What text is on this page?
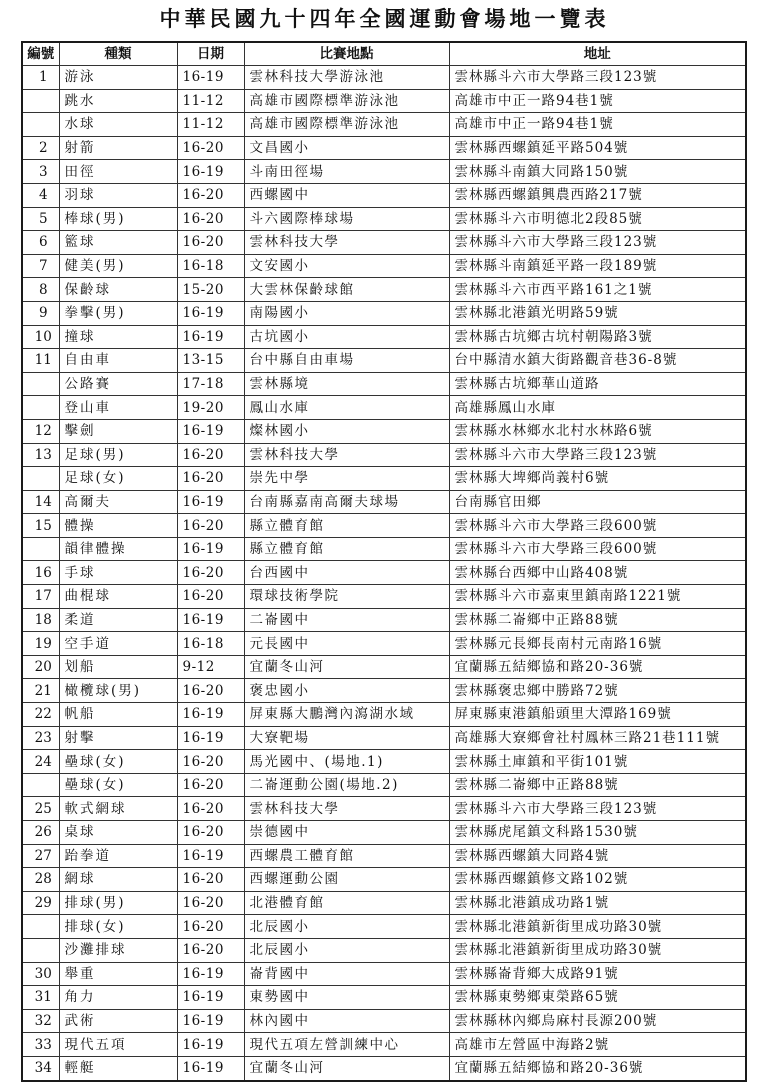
中華民國九十四年全國運動會場地一覽表
編號	種類	日期	比賽地點	地址
1	游泳	16-19	雲林科技大學游泳池	雲林縣斗六市大學路三段123號
	跳水	11-12	高雄市國際標準游泳池	高雄市中正一路94巷1號
	水球	11-12	高雄市國際標準游泳池	高雄市中正一路94巷1號
2	射箭	16-20	文昌國小	雲林縣西螺鎮延平路504號
3	田徑	16-19	斗南田徑場	雲林縣斗南鎮大同路150號
4	羽球	16-20	西螺國中	雲林縣西螺鎮興農西路217號
5	棒球(男)	16-20	斗六國際棒球場	雲林縣斗六市明德北2段85號
6	籃球	16-20	雲林科技大學	雲林縣斗六市大學路三段123號
7	健美(男)	16-18	文安國小	雲林縣斗南鎮延平路一段189號
8	保齡球	15-20	大雲林保齡球館	雲林縣斗六市西平路161之1號
9	拳擊(男)	16-19	南陽國小	雲林縣北港鎮光明路59號
10	撞球	16-19	古坑國小	雲林縣古坑鄉古坑村朝陽路3號
11	自由車	13-15	台中縣自由車場	台中縣清水鎮大街路觀音巷36-8號
	公路賽	17-18	雲林縣境	雲林縣古坑鄉華山道路
	登山車	19-20	鳳山水庫	高雄縣鳳山水庫
12	擊劍	16-19	燦林國小	雲林縣水林鄉水北村水林路6號
13	足球(男)	16-20	雲林科技大學	雲林縣斗六市大學路三段123號
	足球(女)	16-20	崇先中學	雲林縣大埤鄉尚義村6號
14	高爾夫	16-19	台南縣嘉南高爾夫球場	台南縣官田鄉
15	體操	16-20	縣立體育館	雲林縣斗六市大學路三段600號
	韻律體操	16-19	縣立體育館	雲林縣斗六市大學路三段600號
16	手球	16-20	台西國中	雲林縣台西鄉中山路408號
17	曲棍球	16-20	環球技術學院	雲林縣斗六市嘉東里鎮南路1221號
18	柔道	16-19	二崙國中	雲林縣二崙鄉中正路88號
19	空手道	16-18	元長國中	雲林縣元長鄉長南村元南路16號
20	划船	9-12	宜蘭冬山河	宜蘭縣五結鄉協和路20-36號
21	橄欖球(男)	16-20	褒忠國小	雲林縣褒忠鄉中勝路72號
22	帆船	16-19	屏東縣大鵬灣內瀉湖水域	屏東縣東港鎮船頭里大潭路169號
23	射擊	16-19	大寮靶場	高雄縣大寮鄉會社村鳳林三路21巷111號
24	壘球(女)	16-20	馬光國中、(場地.1)	雲林縣土庫鎮和平街101號
	壘球(女)	16-20	二崙運動公園(場地.2)	雲林縣二崙鄉中正路88號
25	軟式網球	16-20	雲林科技大學	雲林縣斗六市大學路三段123號
26	桌球	16-20	崇德國中	雲林縣虎尾鎮文科路1530號
27	跆拳道	16-19	西螺農工體育館	雲林縣西螺鎮大同路4號
28	網球	16-20	西螺運動公園	雲林縣西螺鎮修文路102號
29	排球(男)	16-20	北港體育館	雲林縣北港鎮成功路1號
	排球(女)	16-20	北辰國小	雲林縣北港鎮新街里成功路30號
	沙灘排球	16-20	北辰國小	雲林縣北港鎮新街里成功路30號
30	舉重	16-19	崙背國中	雲林縣崙背鄉大成路91號
31	角力	16-19	東勢國中	雲林縣東勢鄉東榮路65號
32	武術	16-19	林內國中	雲林縣林內鄉烏麻村長源200號
33	現代五項	16-19	現代五項左營訓練中心	高雄市左營區中海路2號
34	輕艇	16-19	宜蘭冬山河	宜蘭縣五結鄉協和路20-36號
